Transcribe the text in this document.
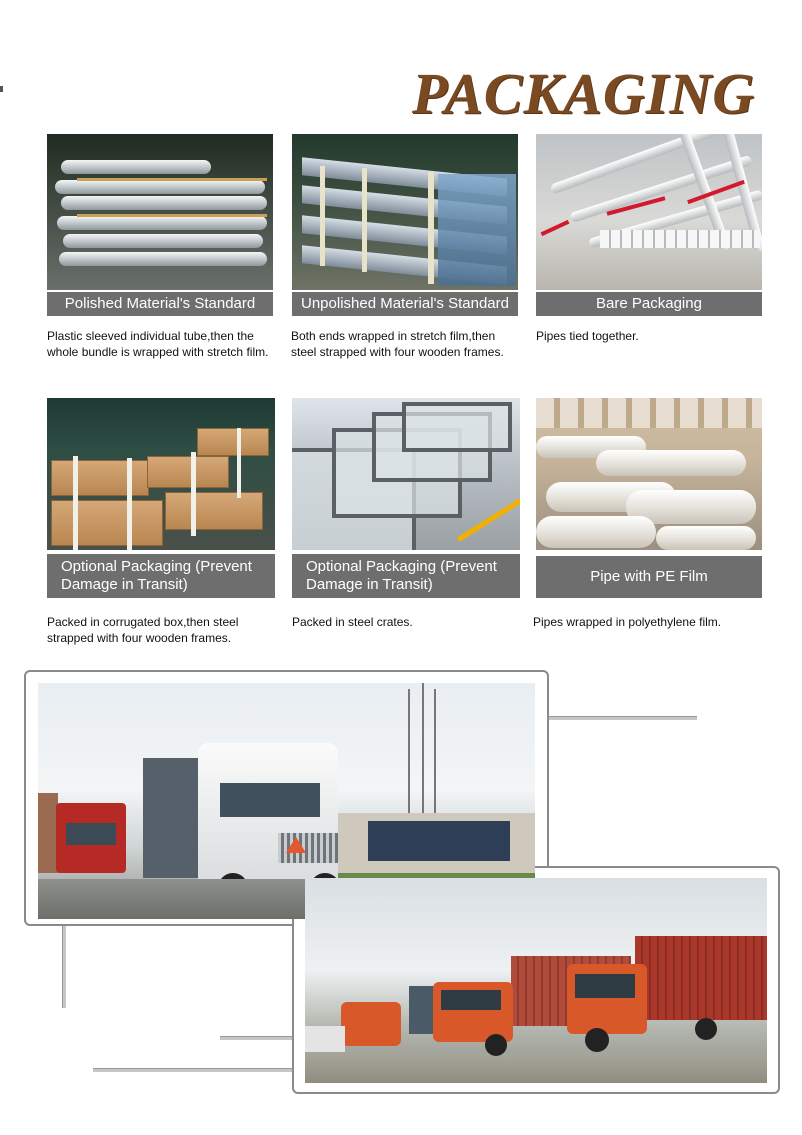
PACKAGING
Polished Material's Standard
Plastic sleeved individual tube,then the
whole bundle is wrapped with stretch film.
Unpolished Material's Standard
Both ends wrapped in stretch film,then
steel strapped with four wooden frames.
Bare Packaging
Pipes tied together.
Optional Packaging (Prevent
Damage in Transit)
Packed in corrugated box,then steel
strapped with four wooden frames.
Optional Packaging (Prevent
Damage in Transit)
Packed in steel crates.
Pipe with PE Film
Pipes wrapped in polyethylene film.
